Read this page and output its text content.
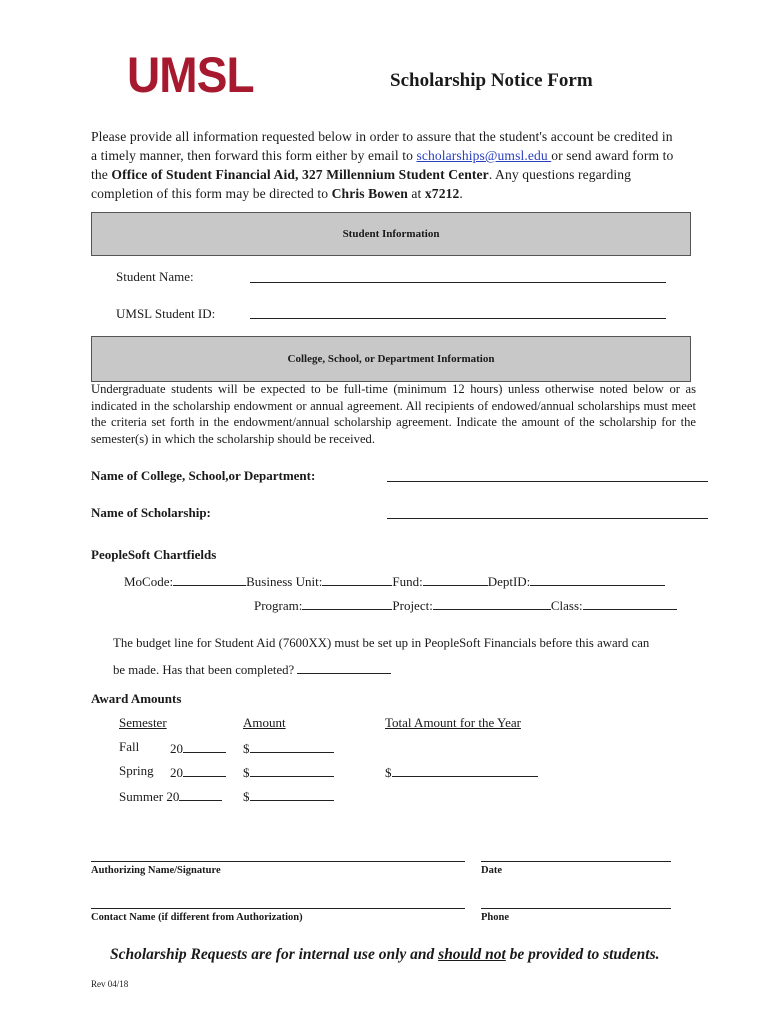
UMSL	Scholarship Notice Form
Please provide all information requested below in order to assure that the student's account be credited in a timely manner, then forward this form either by email to scholarships@umsl.edu or send award form to the Office of Student Financial Aid, 327 Millennium Student Center. Any questions regarding completion of this form may be directed to Chris Bowen at x7212.
Student Information
Student Name:
UMSL Student ID:
College, School, or Department Information
Undergraduate students will be expected to be full-time (minimum 12 hours) unless otherwise noted below or as indicated in the scholarship endowment or annual agreement. All recipients of endowed/annual scholarships must meet the criteria set forth in the endowment/annual scholarship agreement. Indicate the amount of the scholarship for the semester(s) in which the scholarship should be received.
Name of College, School,or Department:
Name of Scholarship:
PeopleSoft Chartfields
MoCode:	Business Unit:	Fund:	DeptID:
Program:	Project:	Class:
The budget line for Student Aid (7600XX) must be set up in PeopleSoft Financials before this award can
be made. Has that been completed?
Award Amounts
Semester	Amount	Total Amount for the Year
Fall 20	$
Spring 20	$	$
Summer 20	$
Authorizing Name/Signature	Date
Contact Name (if different from Authorization)	Phone
Scholarship Requests are for internal use only and should not be provided to students.
Rev 04/18
